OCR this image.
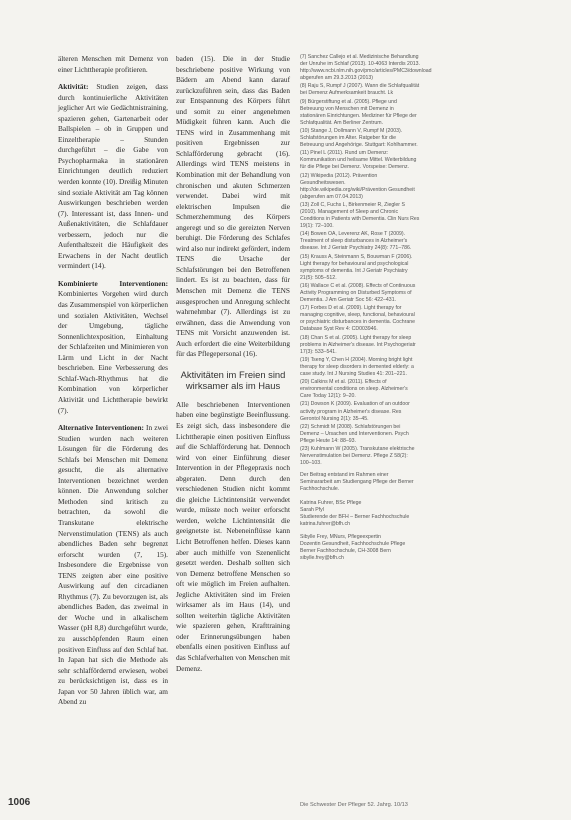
älteren Menschen mit Demenz von einer Lichttherapie profitieren.

Aktivität: Studien zeigen, dass durch kontinuierliche Aktivitäten jeglicher Art wie Gedächtnistraining, spazieren gehen, Gartenarbeit oder Ballspielen – ob in Gruppen und Einzeltherapie – Stunden durchgeführt – die Gabe von Psychopharmaka in stationären Einrichtungen deutlich reduziert werden konnte (10). Dreißig Minuten sind soziale Aktivität am Tag können Auswirkungen beschrieben werden (7). Interessant ist, dass Innen- und Außenaktivitäten, die Schlafdauer verbessern, jedoch nur die Aufenthaltszeit die Häufigkeit des Erwachens in der Nacht deutlich vermindert (14).

Kombinierte Interventionen: Kombiniertes Vorgehen wird durch das Zusammenspiel von körperlichen und sozialen Aktivitäten, Wechsel der Umgebung, tägliche Sonnenlichtexposition, Einhaltung der Schlafzeiten und Minimieren von Lärm und Licht in der Nacht beschrieben. Eine Verbesserung des Schlaf-Wach-Rhythmus hat die Kombination von körperlicher Aktivität und Lichttherapie bewirkt (7).

Alternative Interventionen: In zwei Studien wurden nach weiteren Lösungen für die Förderung des Schlafs bei Menschen mit Demenz gesucht, die als alternative Interventionen bezeichnet werden können. Die Anwendung solcher Methoden sind kritisch zu betrachten, da sowohl die Transkutane elektrische Nervenstimulation (TENS) als auch abendliches Baden sehr begrenzt erforscht wurden (7, 15). Insbesondere die Ergebnisse von TENS zeigten aber eine positive Auswirkung auf den circadianen Rhythmus (7). Zu bevorzugen ist, als abendliches Baden, das zweimal in der Woche und in alkalischem Wasser (pH 8,8) durchgeführt wurde, zu ausschöpfenden Raum einen positiven Einfluss auf den Schlaf hat. In Japan hat sich die Methode als sehr schlaffördernd erwiesen, wobei zu berücksichtigen ist, dass es in Japan vor 50 Jahren üblich war, am Abend zu

baden (15). Die in der Studie beschriebene positive Wirkung von Bädern am Abend kann darauf zurückzuführen sein, dass das Baden zur Entspannung des Körpers führt und somit zu einer angenehmen Müdigkeit führen kann. Auch die TENS wird in Zusammenhang mit positiven Ergebnissen zur Schlafförderung gebracht (16). Allerdings wird TENS meistens in Kombination mit der Behandlung von chronischen und akuten Schmerzen verwendet. Dabei wird mit elektrischen Impulsen die Schmerzhemmung des Körpers angeregt und so die gereizten Nerven beruhigt. Die Förderung des Schlafes wird also nur indirekt gefördert, indem TENS die Ursache der Schlafstörungen bei den Betroffenen lindert. Es ist zu beachten, dass für Menschen mit Demenz die TENS ausgesprochen und Anregung schlecht wahrnehmbar (7). Allerdings ist zu erwähnen, dass die Anwendung von TENS mit Vorsicht anzuwenden ist. Auch erfordert die eine Weiterbildung für das Pflegepersonal (16).

Aktivitäten im Freien sind wirksamer als im Haus

Alle beschriebenen Interventionen haben eine begünstigte Beeinflussung. Es zeigt sich, dass insbesondere die Lichttherapie einen positiven Einfluss auf die Schlafförderung hat. Dennoch wird von einer Einführung dieser Intervention in der Pflegepraxis noch abgeraten. Denn durch den verschiedenen Studien nicht kommt die gleiche Lichtintensität verwendet wurde, müsste noch weiter erforscht werden, welche Lichtintensität die geeignetste ist. Nebeneinflüsse kann Licht Betroffenen helfen. Dieses kann aber auch mithilfe von Szenenlicht gesetzt werden. Deshalb sollten sich von Demenz betroffene Menschen so oft wie möglich im Freien aufhalten. Jegliche Aktivitäten sind im Freien wirksamer als im Haus (14), und sollten weiterhin tägliche Aktivitäten wie spazieren gehen, Krafttraining oder Erinnerungsübungen haben ebenfalls einen positiven Einfluss auf das Schlafverhalten von Menschen mit Demenz.

(7) Sanchez Callejo et al. Medizinische Behandlung der Unruhe im Schlaf (2013). 10-4063 Interdis 2013. http://www.ncbi.nlm.nih.gov/pmc/articles/PMC3/download abgerufen am 29.3.2013 (2013)
(8) Raju S, Rumpf J (2007). Wann die Schlafqualität bei Demenz Aufmerksamkeit braucht. Lk
(9) Bürgerstiftung et al. (2005). Pflege und Betreuung von Menschen mit Demenz in stationären Einrichtungen. Mediziner für Pflege der Schlafqualität. Am Berliner Zentrum.
(10) Stange J, Dollmann V, Rumpf M (2003). Schlafstörungen im Alter. Ratgeber für die Betreuung und Angehörige. Stuttgart: Kohlhammer.
(11) Pinel L (2011). Rund um Demenz: Kommunikation und heilsame Mittel. Weiterbildung für die Pflege bei Demenz. Vorspeise: Demenz.
(12) Wikipedia (2012). Prävention Gesundheitswesen. http://de.wikipedia.org/wiki/Prävention Gesundheit (abgerufen am 07.04.2013)
(13) Zoll C, Fuchs L, Birkenmeier R, Ziegler S (2010). Management of Sleep and Chronic Conditions in Patients with Dementia. Clin Nurs Res 19(1): 72–100.
(14) Bowen OA, Leverenz AK, Rose T (2009). Treatment of sleep disturbances in Alzheimer's disease. Int J Geriatr Psychiatry 24(8): 771–786.
(15) Krauss A, Steinmann S, Bouwman F (2006). Light therapy for behavioural and psychological symptoms of dementia. Int J Geriatr Psychiatry 21(5): 505–512.
(16) Wallace C et al. (2008). Effects of Continuous Activity Programming on Disturbed Symptoms of Dementia. J Am Geriatr Soc 56: 422–431.
(17) Forbes D et al. (2009). Light therapy for managing cognitive, sleep, functional, behavioural or psychiatric disturbances in dementia. Cochrane Database Syst Rev 4: CD003946.
(18) Chan S et al. (2005). Light therapy for sleep problems in Alzheimer's disease. Int Psychogeriatr 17(3): 533–541.
(19) Tseng Y, Chen H (2004). Morning bright light therapy for sleep disorders in demented elderly: a case study. Int J Nursing Studies 41: 201–221.
(20) Calkins M et al. (2011). Effects of environmental conditions on sleep. Alzheimer's Care Today 12(1): 9–20.
(21) Dowson K (2009). Evaluation of an outdoor activity program in Alzheimer's disease. Res Gerontol Nursing 2(1): 35–45.
(22) Schmidt M (2008). Schlafstörungen bei Demenz – Ursachen und Interventionen. Psych Pflege Heute 14: 88–93.
(23) Kuhlmann W (2005). Transkutane elektrische Nervenstimulation bei Demenz. Pflege Z 58(2): 100–103.
Der Beitrag entstand im Rahmen einer Seminararbeit am Studiengang Pflege der Berner Fachhochschule.
Katrina Fuhrer, BSc Pflege
Sarah Pfyl
Studierende der BFH – Berner Fachhochschule
katrina.fuhrer@bfh.ch
Sibylle Frey, MNurs, Pflegeexpertin
Dozentin Gesundheit, Fachhochschule Pflege
Berner Fachhochschule, CH-3008 Bern
sibylle.frey@bfh.ch
1006	Die Schwester Der Pfleger 52. Jahrg. 10/13
